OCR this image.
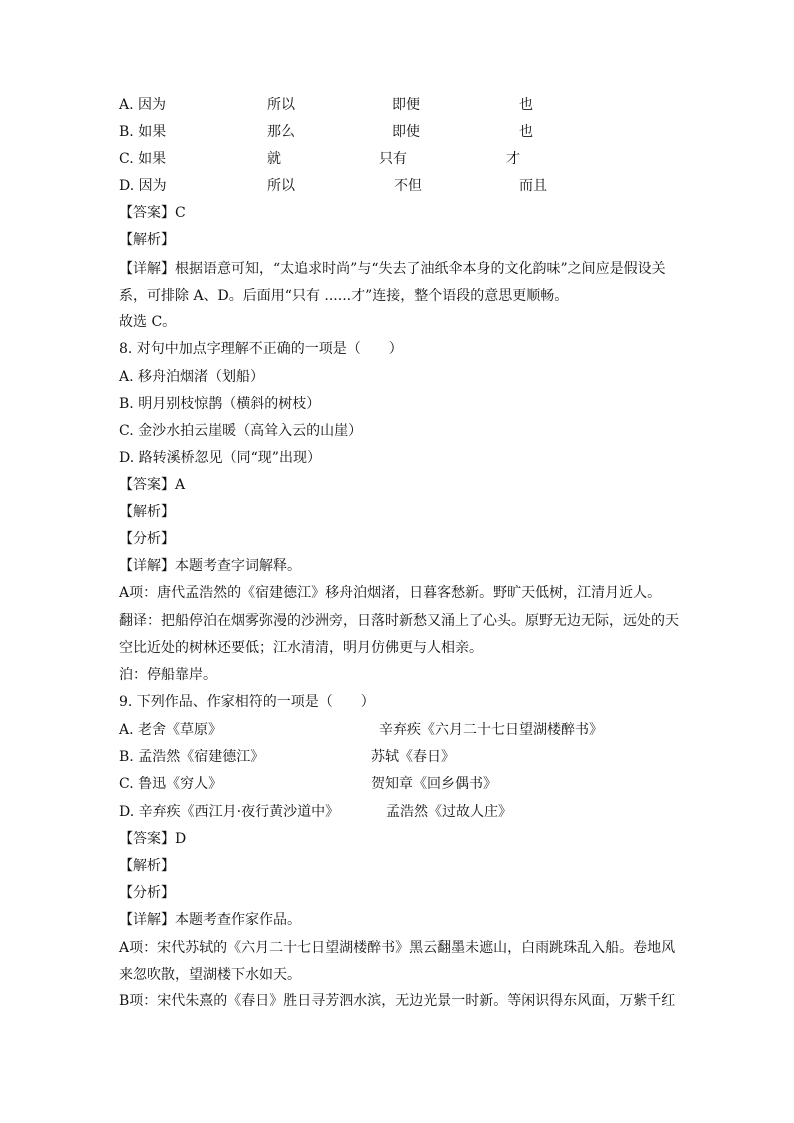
A. 因为	所以	即便	也
B. 如果	那么	即使	也
C. 如果	就	只有	才
D. 因为	所以	不但	而且
【答案】C
【解析】
【详解】根据语意可知，“太追求时尚”与“失去了油纸伞本身的文化韵味”之间应是假设关系，可排除 A、D。后面用“只有 ......才”连接，整个语段的意思更顺畅。
故选 C。
8. 对句中加点字理解不正确的一项是（　　）
A. 移舟泊烟渚（划船）
B. 明月别枝惊鹊（横斜的树枝）
C. 金沙水拍云崖暖（高耸入云的山崖）
D. 路转溪桥忽见（同“现”出现）
【答案】A
【解析】
【分析】
【详解】本题考查字词解释。
A项：唐代孟浩然的《宿建德江》移舟泊烟渚，日暮客愁新。野旷天低树，江清月近人。
翻译：把船停泊在烟雾弥漫的沙洲旁，日落时新愁又涌上了心头。原野无边无际，远处的天空比近处的树林还要低；江水清清，明月仿佛更与人相亲。
泊：停船靠岸。
9. 下列作品、作家相符的一项是（　　）
A. 老舍《草原》	辛弃疾《六月二十七日望湖楼醉书》
B. 孟浩然《宿建德江》	苏轼《春日》
C. 鲁迅《穷人》	贺知章《回乡偶书》
D. 辛弃疾《西江月·夜行黄沙道中》	孟浩然《过故人庄》
【答案】D
【解析】
【分析】
【详解】本题考查作家作品。
A项：宋代苏轼的《六月二十七日望湖楼醉书》黑云翻墨未遮山，白雨跳珠乱入船。卷地风来忽吹散，望湖楼下水如天。
B项：宋代朱熹的《春日》胜日寻芳泗水滨，无边光景一时新。等闲识得东风面，万紫千红
